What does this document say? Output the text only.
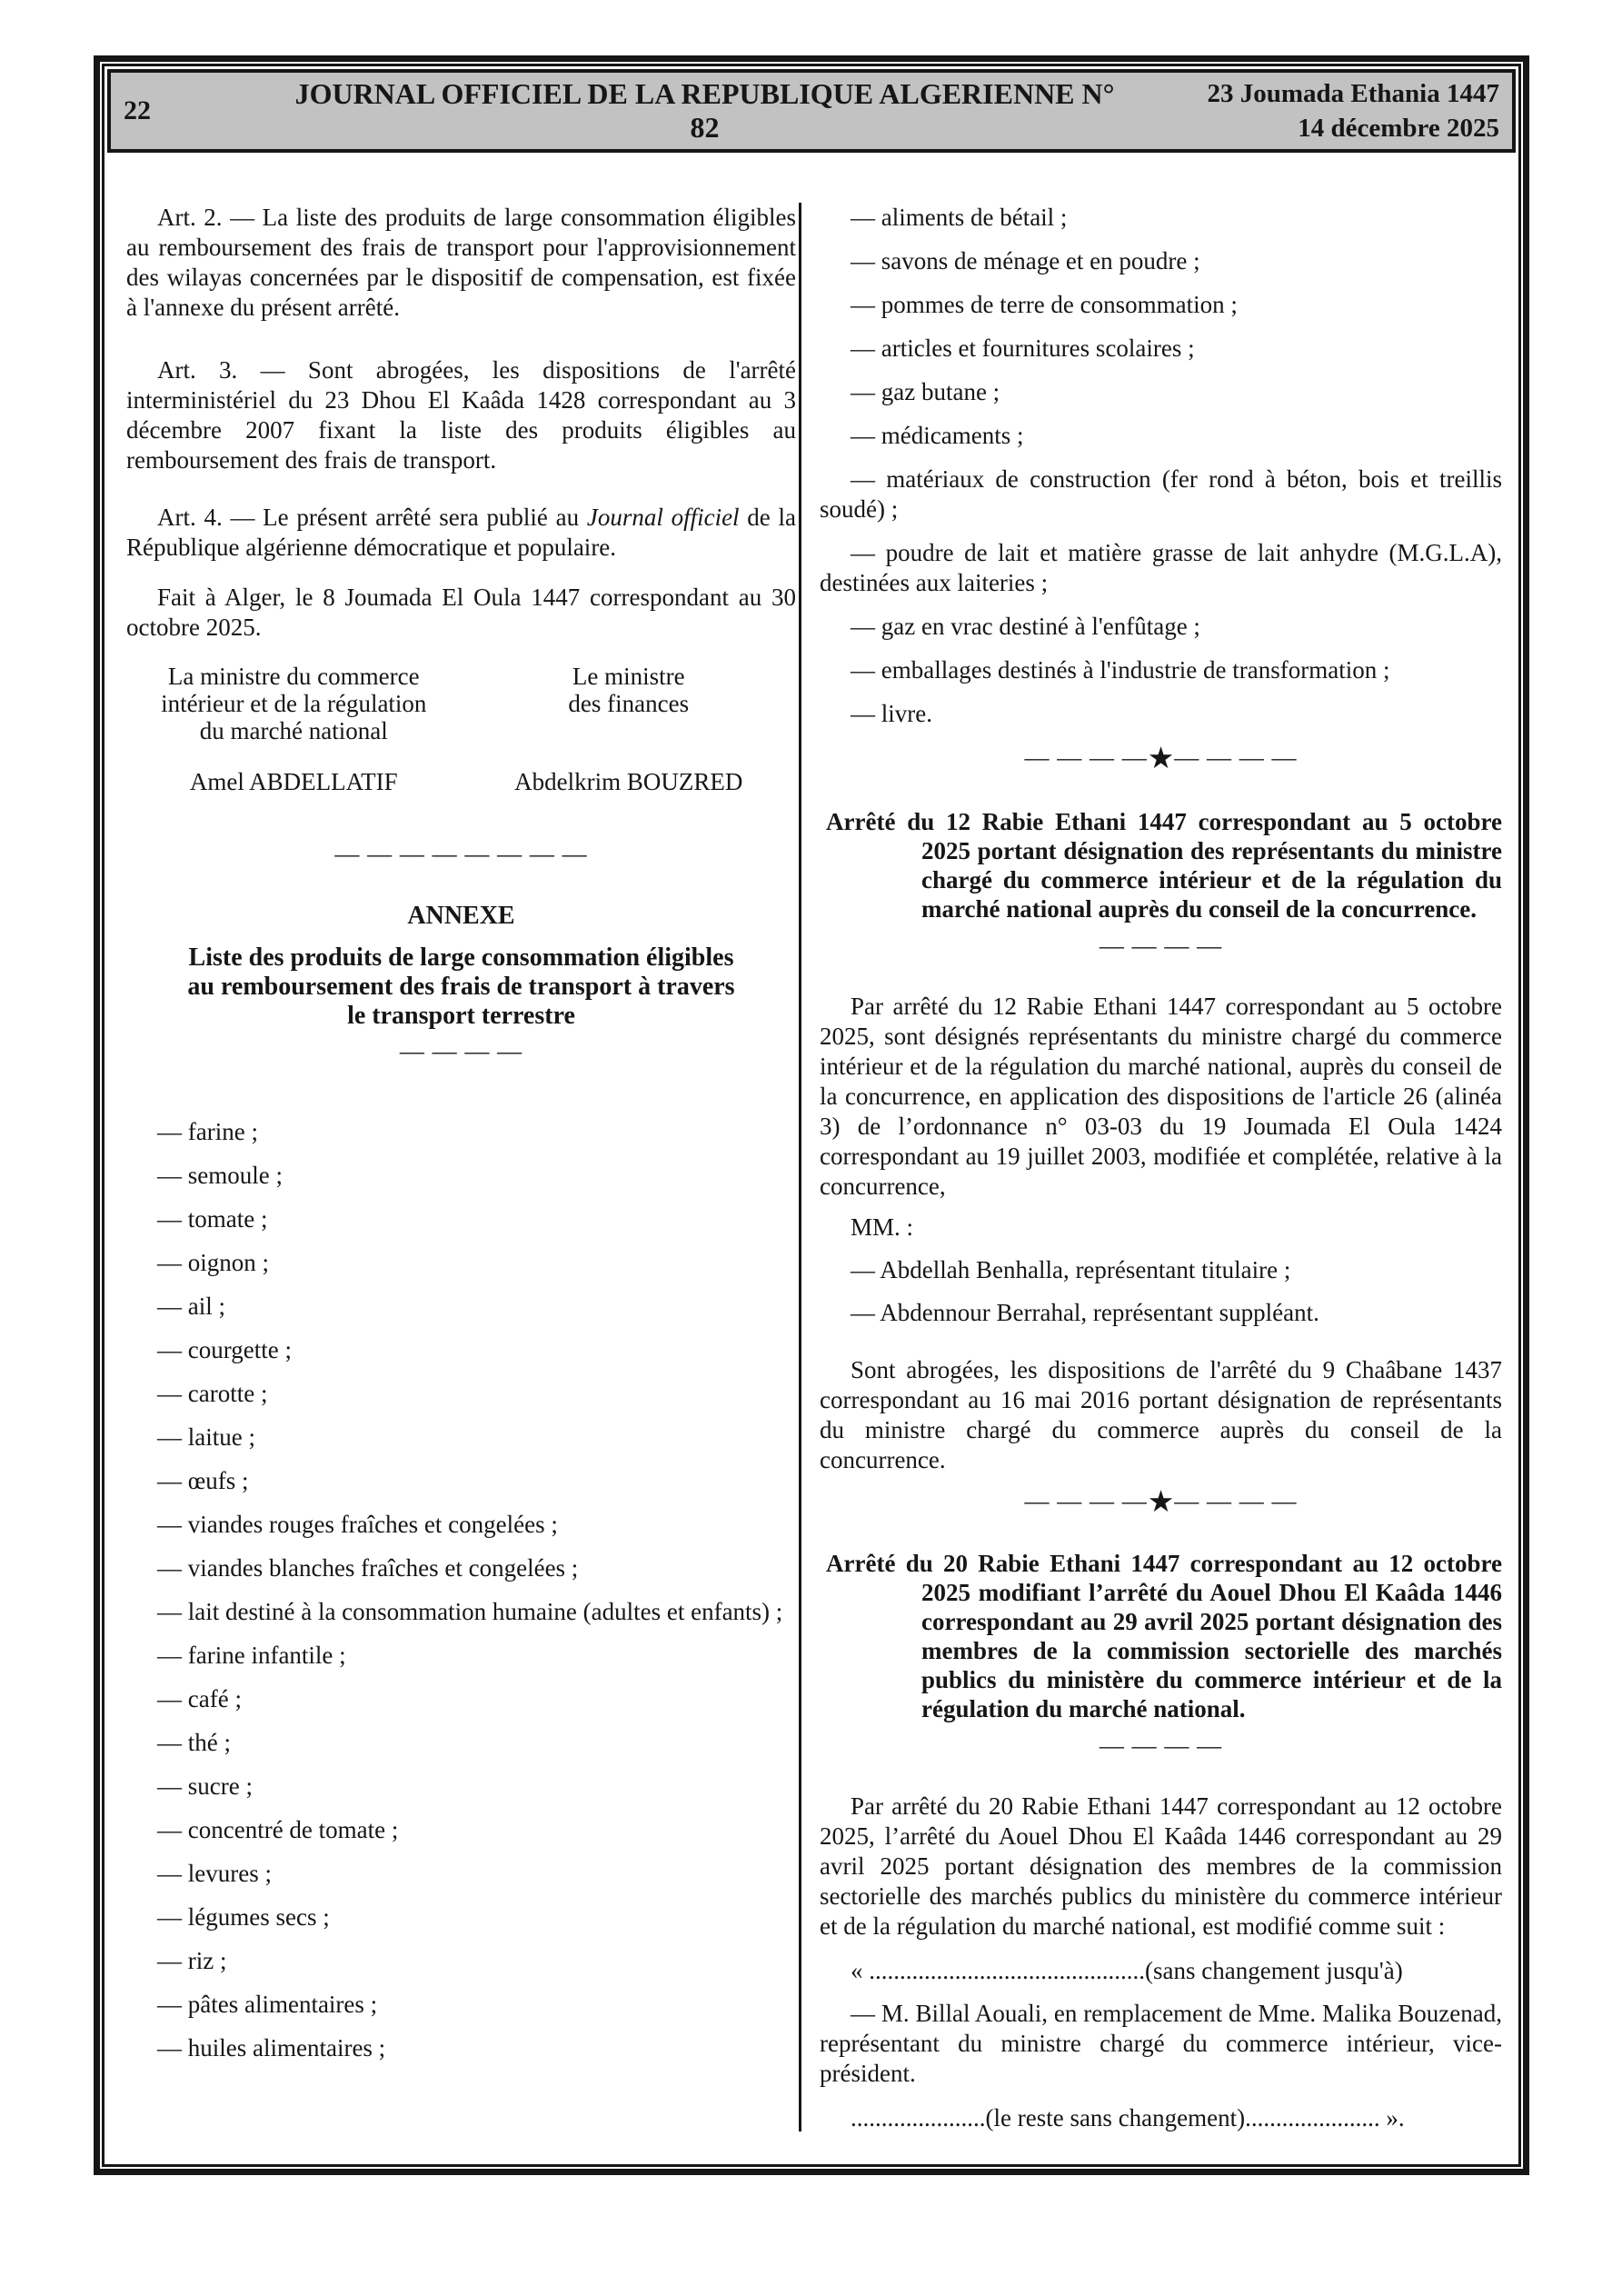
22
JOURNAL OFFICIEL DE LA REPUBLIQUE ALGERIENNE N° 82
23 Joumada Ethania 1447
14 décembre 2025

Art. 2. — La liste des produits de large consommation éligibles au remboursement des frais de transport pour l'approvisionnement des wilayas concernées par le dispositif de compensation, est fixée à l'annexe du présent arrêté.

Art. 3. — Sont abrogées, les dispositions de l'arrêté interministériel du 23 Dhou El Kaâda 1428 correspondant au 3 décembre 2007 fixant la liste des produits éligibles au remboursement des frais de transport.

Art. 4. — Le présent arrêté sera publié au Journal officiel de la République algérienne démocratique et populaire.

Fait à Alger, le 8 Joumada El Oula 1447 correspondant au 30 octobre 2025.

La ministre du commerce
intérieur et de la régulation
du marché national
Le ministre
des finances
Amel ABDELLATIF	Abdelkrim BOUZRED

— — — — — — — —

ANNEXE

Liste des produits de large consommation éligibles
au remboursement des frais de transport à travers
le transport terrestre

— — — —

— farine ;
— semoule ;
— tomate ;
— oignon ;
— ail ;
— courgette ;
— carotte ;
— laitue ;
— œufs ;
— viandes rouges fraîches et congelées ;
— viandes blanches fraîches et congelées ;
— lait destiné à la consommation humaine (adultes et enfants) ;
— farine infantile ;
— café ;
— thé ;
— sucre ;
— concentré de tomate ;
— levures ;
— légumes secs ;
— riz ;
— pâtes alimentaires ;
— huiles alimentaires ;
— aliments de bétail ;
— savons de ménage et en poudre ;
— pommes de terre de consommation ;
— articles et fournitures scolaires ;
— gaz butane ;
— médicaments ;
— matériaux de construction (fer rond à béton, bois et treillis soudé) ;
— poudre de lait et matière grasse de lait anhydre (M.G.L.A), destinées aux laiteries ;
— gaz en vrac destiné à l'enfûtage ;
— emballages destinés à l'industrie de transformation ;
— livre.

— — — —★— — — —

Arrêté du 12 Rabie Ethani 1447 correspondant au 5 octobre 2025 portant désignation des représentants du ministre chargé du commerce intérieur et de la régulation du marché national auprès du conseil de la concurrence.

— — — —

Par arrêté du 12 Rabie Ethani 1447 correspondant au 5 octobre 2025, sont désignés représentants du ministre chargé du commerce intérieur et de la régulation du marché national, auprès du conseil de la concurrence, en application des dispositions de l'article 26 (alinéa 3) de l’ordonnance n° 03-03 du 19 Joumada El Oula 1424 correspondant au 19 juillet 2003, modifiée et complétée, relative à la concurrence,

MM. :

— Abdellah Benhalla, représentant titulaire ;

— Abdennour Berrahal, représentant suppléant.

Sont abrogées, les dispositions de l'arrêté du 9 Chaâbane 1437 correspondant au 16 mai 2016 portant désignation de représentants du ministre chargé du commerce auprès du conseil de la concurrence.

— — — —★— — — —

Arrêté du 20 Rabie Ethani 1447 correspondant au 12 octobre 2025 modifiant l’arrêté du Aouel Dhou El Kaâda 1446 correspondant au 29 avril 2025 portant désignation des membres de la commission sectorielle des marchés publics du ministère du commerce intérieur et de la régulation du marché national.

— — — —

Par arrêté du 20 Rabie Ethani 1447 correspondant au 12 octobre 2025, l’arrêté du Aouel Dhou El Kaâda 1446 correspondant au 29 avril 2025 portant désignation des membres de la commission sectorielle des marchés publics du ministère du commerce intérieur et de la régulation du marché national, est modifié comme suit :

« .............................................(sans changement jusqu'à)

— M. Billal Aouali, en remplacement de Mme. Malika Bouzenad, représentant du ministre chargé du commerce intérieur, vice-président.

......................(le reste sans changement)...................... ».
